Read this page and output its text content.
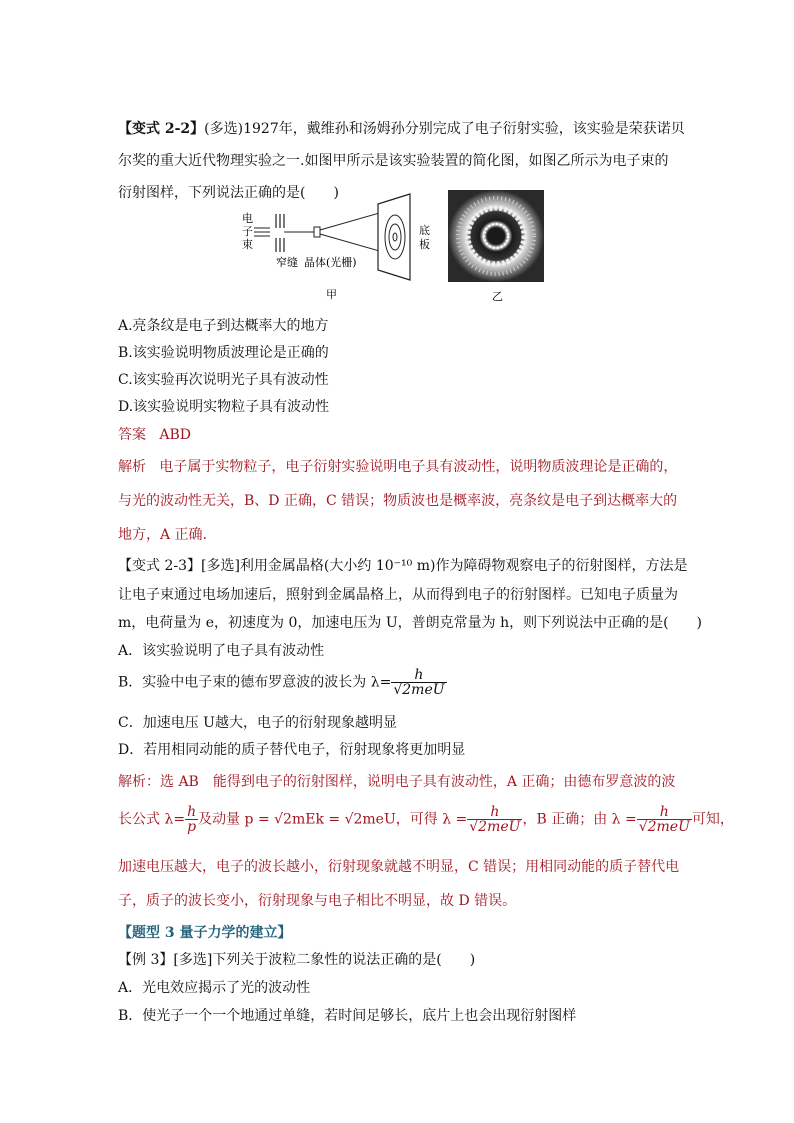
【变式 2-2】(多选)1927年，戴维孙和汤姆孙分别完成了电子衍射实验，该实验是荣获诺贝
尔奖的重大近代物理实验之一.如图甲所示是该实验装置的简化图，如图乙所示为电子束的
衍射图样，下列说法正确的是(　　)
电
子
束
底
板
窄缝 晶体(光栅)
甲	乙
A.亮条纹是电子到达概率大的地方
B.该实验说明物质波理论是正确的
C.该实验再次说明光子具有波动性
D.该实验说明实物粒子具有波动性
答案 ABD
解析 电子属于实物粒子，电子衍射实验说明电子具有波动性，说明物质波理论是正确的，
与光的波动性无关，B、D 正确，C 错误；物质波也是概率波，亮条纹是电子到达概率大的
地方，A 正确.
【变式 2-3】[多选]利用金属晶格(大小约 10⁻¹⁰ m)作为障碍物观察电子的衍射图样，方法是
让电子束通过电场加速后，照射到金属晶格上，从而得到电子的衍射图样。已知电子质量为
m，电荷量为 e，初速度为 0，加速电压为 U，普朗克常量为 h，则下列说法中正确的是(　　)
A．该实验说明了电子具有波动性
B．实验中电子束的德布罗意波的波长为 $\lambda= \frac{h}{\text{√2meU}}$
C．加速电压 U越大，电子的衍射现象越明显
D．若用相同动能的质子替代电子，衍射现象将更加明显
解析：选 AB　能得到电子的衍射图样，说明电子具有波动性，A 正确；由德布罗意波的波
长公式 $\lambda= \frac{h}{p}$ 及动量 p = √2mEk = √2meU，可得 $\lambda = \frac{h}{\text{√2meU}}$ ，B 正确；由 $\lambda = \frac{h}{\text{√2meU}}$ 可知，
加速电压越大，电子的波长越小，衍射现象就越不明显，C 错误；用相同动能的质子替代电
子，质子的波长变小，衍射现象与电子相比不明显，故 D 错误。
【题型 3 量子力学的建立】
【例 3】[多选]下列关于波粒二象性的说法正确的是(　　)
A．光电效应揭示了光的波动性
B．使光子一个一个地通过单缝，若时间足够长，底片上也会出现衍射图样
